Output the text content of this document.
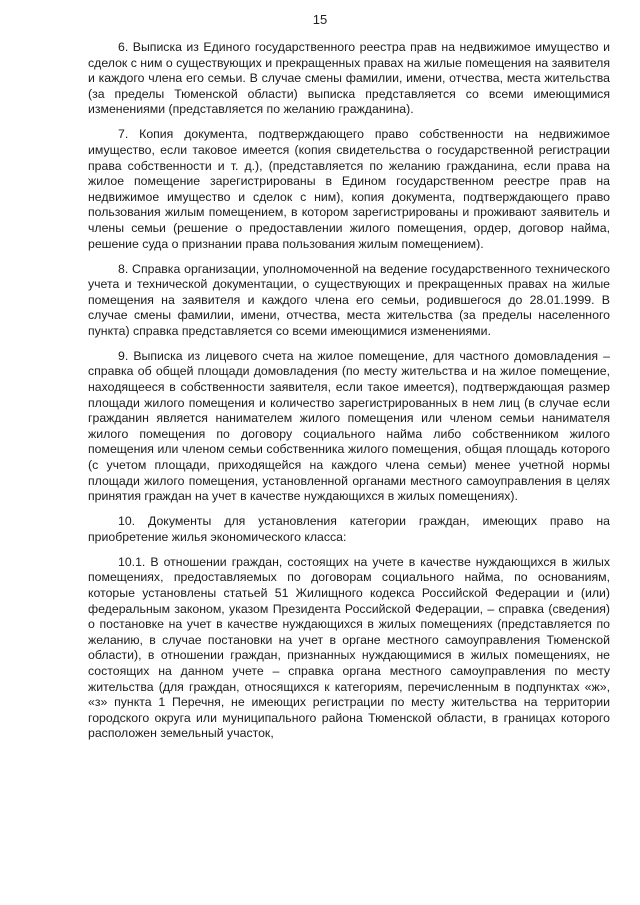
15

6. Выписка из Единого государственного реестра прав на недвижимое имущество и сделок с ним о существующих и прекращенных правах на жилые помещения на заявителя и каждого члена его семьи. В случае смены фамилии, имени, отчества, места жительства (за пределы Тюменской области) выписка представляется со всеми имеющимися изменениями (представляется по желанию гражданина).

7. Копия документа, подтверждающего право собственности на недвижимое имущество, если таковое имеется (копия свидетельства о государственной регистрации права собственности и т. д.), (представляется по желанию гражданина, если права на жилое помещение зарегистрированы в Едином государственном реестре прав на недвижимое имущество и сделок с ним), копия документа, подтверждающего право пользования жилым помещением, в котором зарегистрированы и проживают заявитель и члены семьи (решение о предоставлении жилого помещения, ордер, договор найма, решение суда о признании права пользования жилым помещением).

8. Справка организации, уполномоченной на ведение государственного технического учета и технической документации, о существующих и прекращенных правах на жилые помещения на заявителя и каждого члена его семьи, родившегося до 28.01.1999. В случае смены фамилии, имени, отчества, места жительства (за пределы населенного пункта) справка представляется со всеми имеющимися изменениями.

9. Выписка из лицевого счета на жилое помещение, для частного домовладения – справка об общей площади домовладения (по месту жительства и на жилое помещение, находящееся в собственности заявителя, если такое имеется), подтверждающая размер площади жилого помещения и количество зарегистрированных в нем лиц (в случае если гражданин является нанимателем жилого помещения или членом семьи нанимателя жилого помещения по договору социального найма либо собственником жилого помещения или членом семьи собственника жилого помещения, общая площадь которого (с учетом площади, приходящейся на каждого члена семьи) менее учетной нормы площади жилого помещения, установленной органами местного самоуправления в целях принятия граждан на учет в качестве нуждающихся в жилых помещениях).

10. Документы для установления категории граждан, имеющих право на приобретение жилья экономического класса:

10.1. В отношении граждан, состоящих на учете в качестве нуждающихся в жилых помещениях, предоставляемых по договорам социального найма, по основаниям, которые установлены статьей 51 Жилищного кодекса Российской Федерации и (или) федеральным законом, указом Президента Российской Федерации, – справка (сведения) о постановке на учет в качестве нуждающихся в жилых помещениях (представляется по желанию, в случае постановки на учет в органе местного самоуправления Тюменской области), в отношении граждан, признанных нуждающимися в жилых помещениях, не состоящих на данном учете – справка органа местного самоуправления по месту жительства (для граждан, относящихся к категориям, перечисленным в подпунктах «ж», «з» пункта 1 Перечня, не имеющих регистрации по месту жительства на территории городского округа или муниципального района Тюменской области, в границах которого расположен земельный участок,
